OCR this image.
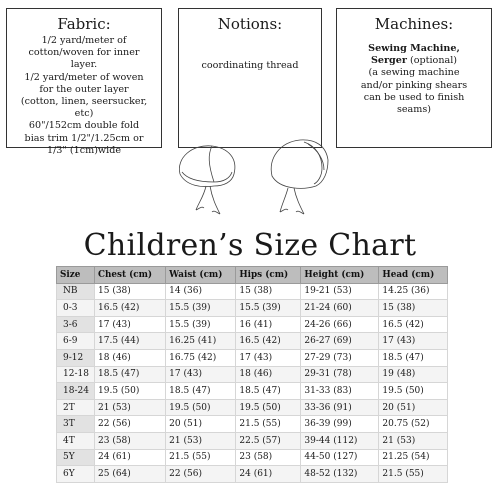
Fabric:
1/2 yard/meter of
cotton/woven for inner
layer.
1/2 yard/meter of woven
for the outer layer
(cotton, linen, seersucker,
etc)
60"/152cm double fold
bias trim 1/2"/1.25cm or
1/3" (1cm)wide
Notions:
coordinating thread
Machines:
Sewing Machine,
Serger (optional)
(a sewing machine
and/or pinking shears
can be used to finish
seams)
Children’s Size Chart
Size	Chest (cm)	Waist (cm)	Hips (cm)	Height (cm)	Head (cm)
NB	15 (38)	14 (36)	15 (38)	19-21 (53)	14.25 (36)
0-3	16.5 (42)	15.5 (39)	15.5 (39)	21-24 (60)	15 (38)
3-6	17 (43)	15.5 (39)	16 (41)	24-26 (66)	16.5 (42)
6-9	17.5 (44)	16.25 (41)	16.5 (42)	26-27 (69)	17 (43)
9-12	18 (46)	16.75 (42)	17 (43)	27-29 (73)	18.5 (47)
12-18	18.5 (47)	17 (43)	18 (46)	29-31 (78)	19 (48)
18-24	19.5 (50)	18.5 (47)	18.5 (47)	31-33 (83)	19.5 (50)
2T	21 (53)	19.5 (50)	19.5 (50)	33-36 (91)	20 (51)
3T	22 (56)	20 (51)	21.5 (55)	36-39 (99)	20.75 (52)
4T	23 (58)	21 (53)	22.5 (57)	39-44 (112)	21 (53)
5Y	24 (61)	21.5 (55)	23 (58)	44-50 (127)	21.25 (54)
6Y	25 (64)	22 (56)	24 (61)	48-52 (132)	21.5 (55)
